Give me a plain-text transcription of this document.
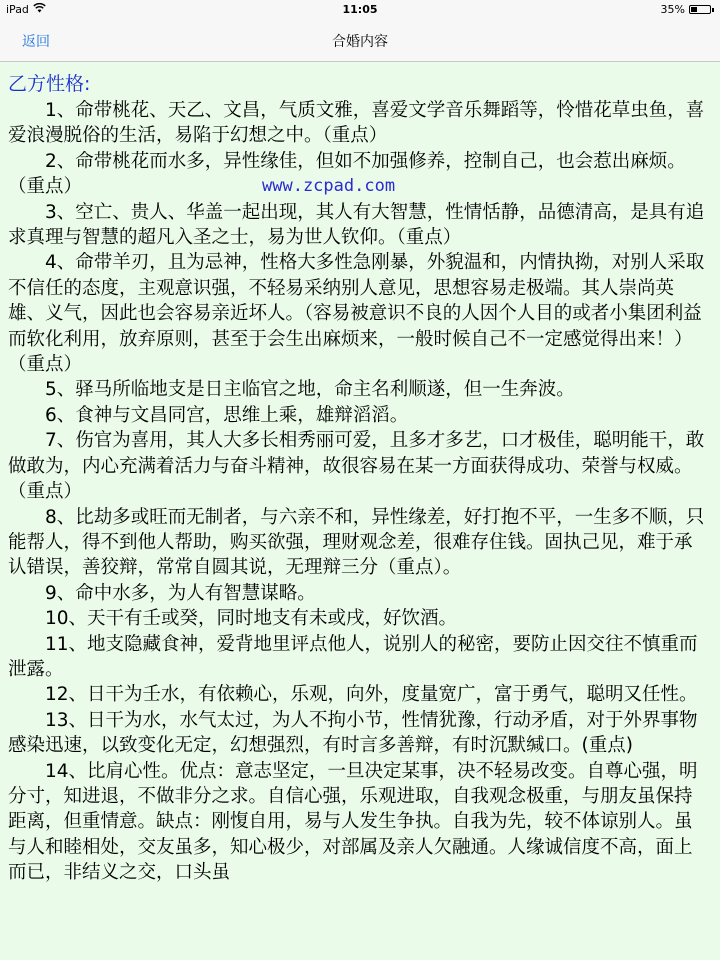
iPad	11:05	35%
返回	合婚内容
乙方性格:

1、命带桃花、天乙、文昌，气质文雅，喜爱文学音乐舞蹈等，怜惜花草虫鱼，喜爱浪漫脱俗的生活，易陷于幻想之中。（重点）

2、命带桃花而水多，异性缘佳，但如不加强修养，控制自己，也会惹出麻烦。（重点）

3、空亡、贵人、华盖一起出现，其人有大智慧，性情恬静，品德清高，是具有追求真理与智慧的超凡入圣之士，易为世人钦仰。（重点）

4、命带羊刃，且为忌神，性格大多性急刚暴，外貌温和，内情执拗，对别人采取不信任的态度，主观意识强，不轻易采纳别人意见，思想容易走极端。其人崇尚英雄、义气，因此也会容易亲近坏人。（容易被意识不良的人因个人目的或者小集团利益而软化利用，放弃原则，甚至于会生出麻烦来，一般时候自己不一定感觉得出来！）（重点）

5、驿马所临地支是日主临官之地，命主名利顺遂，但一生奔波。

6、食神与文昌同宫，思维上乘，雄辩滔滔。

7、伤官为喜用，其人大多长相秀丽可爱，且多才多艺，口才极佳，聪明能干，敢做敢为，内心充满着活力与奋斗精神，故很容易在某一方面获得成功、荣誉与权威。（重点）

8、比劫多或旺而无制者，与六亲不和，异性缘差，好打抱不平，一生多不顺，只能帮人，得不到他人帮助，购买欲强，理财观念差，很难存住钱。固执己见，难于承认错误，善狡辩，常常自圆其说，无理辩三分（重点）。

9、命中水多，为人有智慧谋略。

10、天干有壬或癸，同时地支有未或戌，好饮酒。

11、地支隐藏食神，爱背地里评点他人，说别人的秘密，要防止因交往不慎重而泄露。

12、日干为壬水，有依赖心，乐观，向外，度量宽广，富于勇气，聪明又任性。

13、日干为水，水气太过，为人不拘小节，性情犹豫，行动矛盾，对于外界事物感染迅速，以致变化无定，幻想强烈，有时言多善辩，有时沉默缄口。(重点)

14、比肩心性。优点：意志坚定，一旦决定某事，决不轻易改变。自尊心强，明分寸，知进退，不做非分之求。自信心强，乐观进取，自我观念极重，与朋友虽保持距离，但重情意。缺点：刚愎自用，易与人发生争执。自我为先，较不体谅别人。虽与人和睦相处，交友虽多，知心极少，对部属及亲人欠融通。人缘诚信度不高，面上而已，非结义之交，口头虽

www.zcpad.com
